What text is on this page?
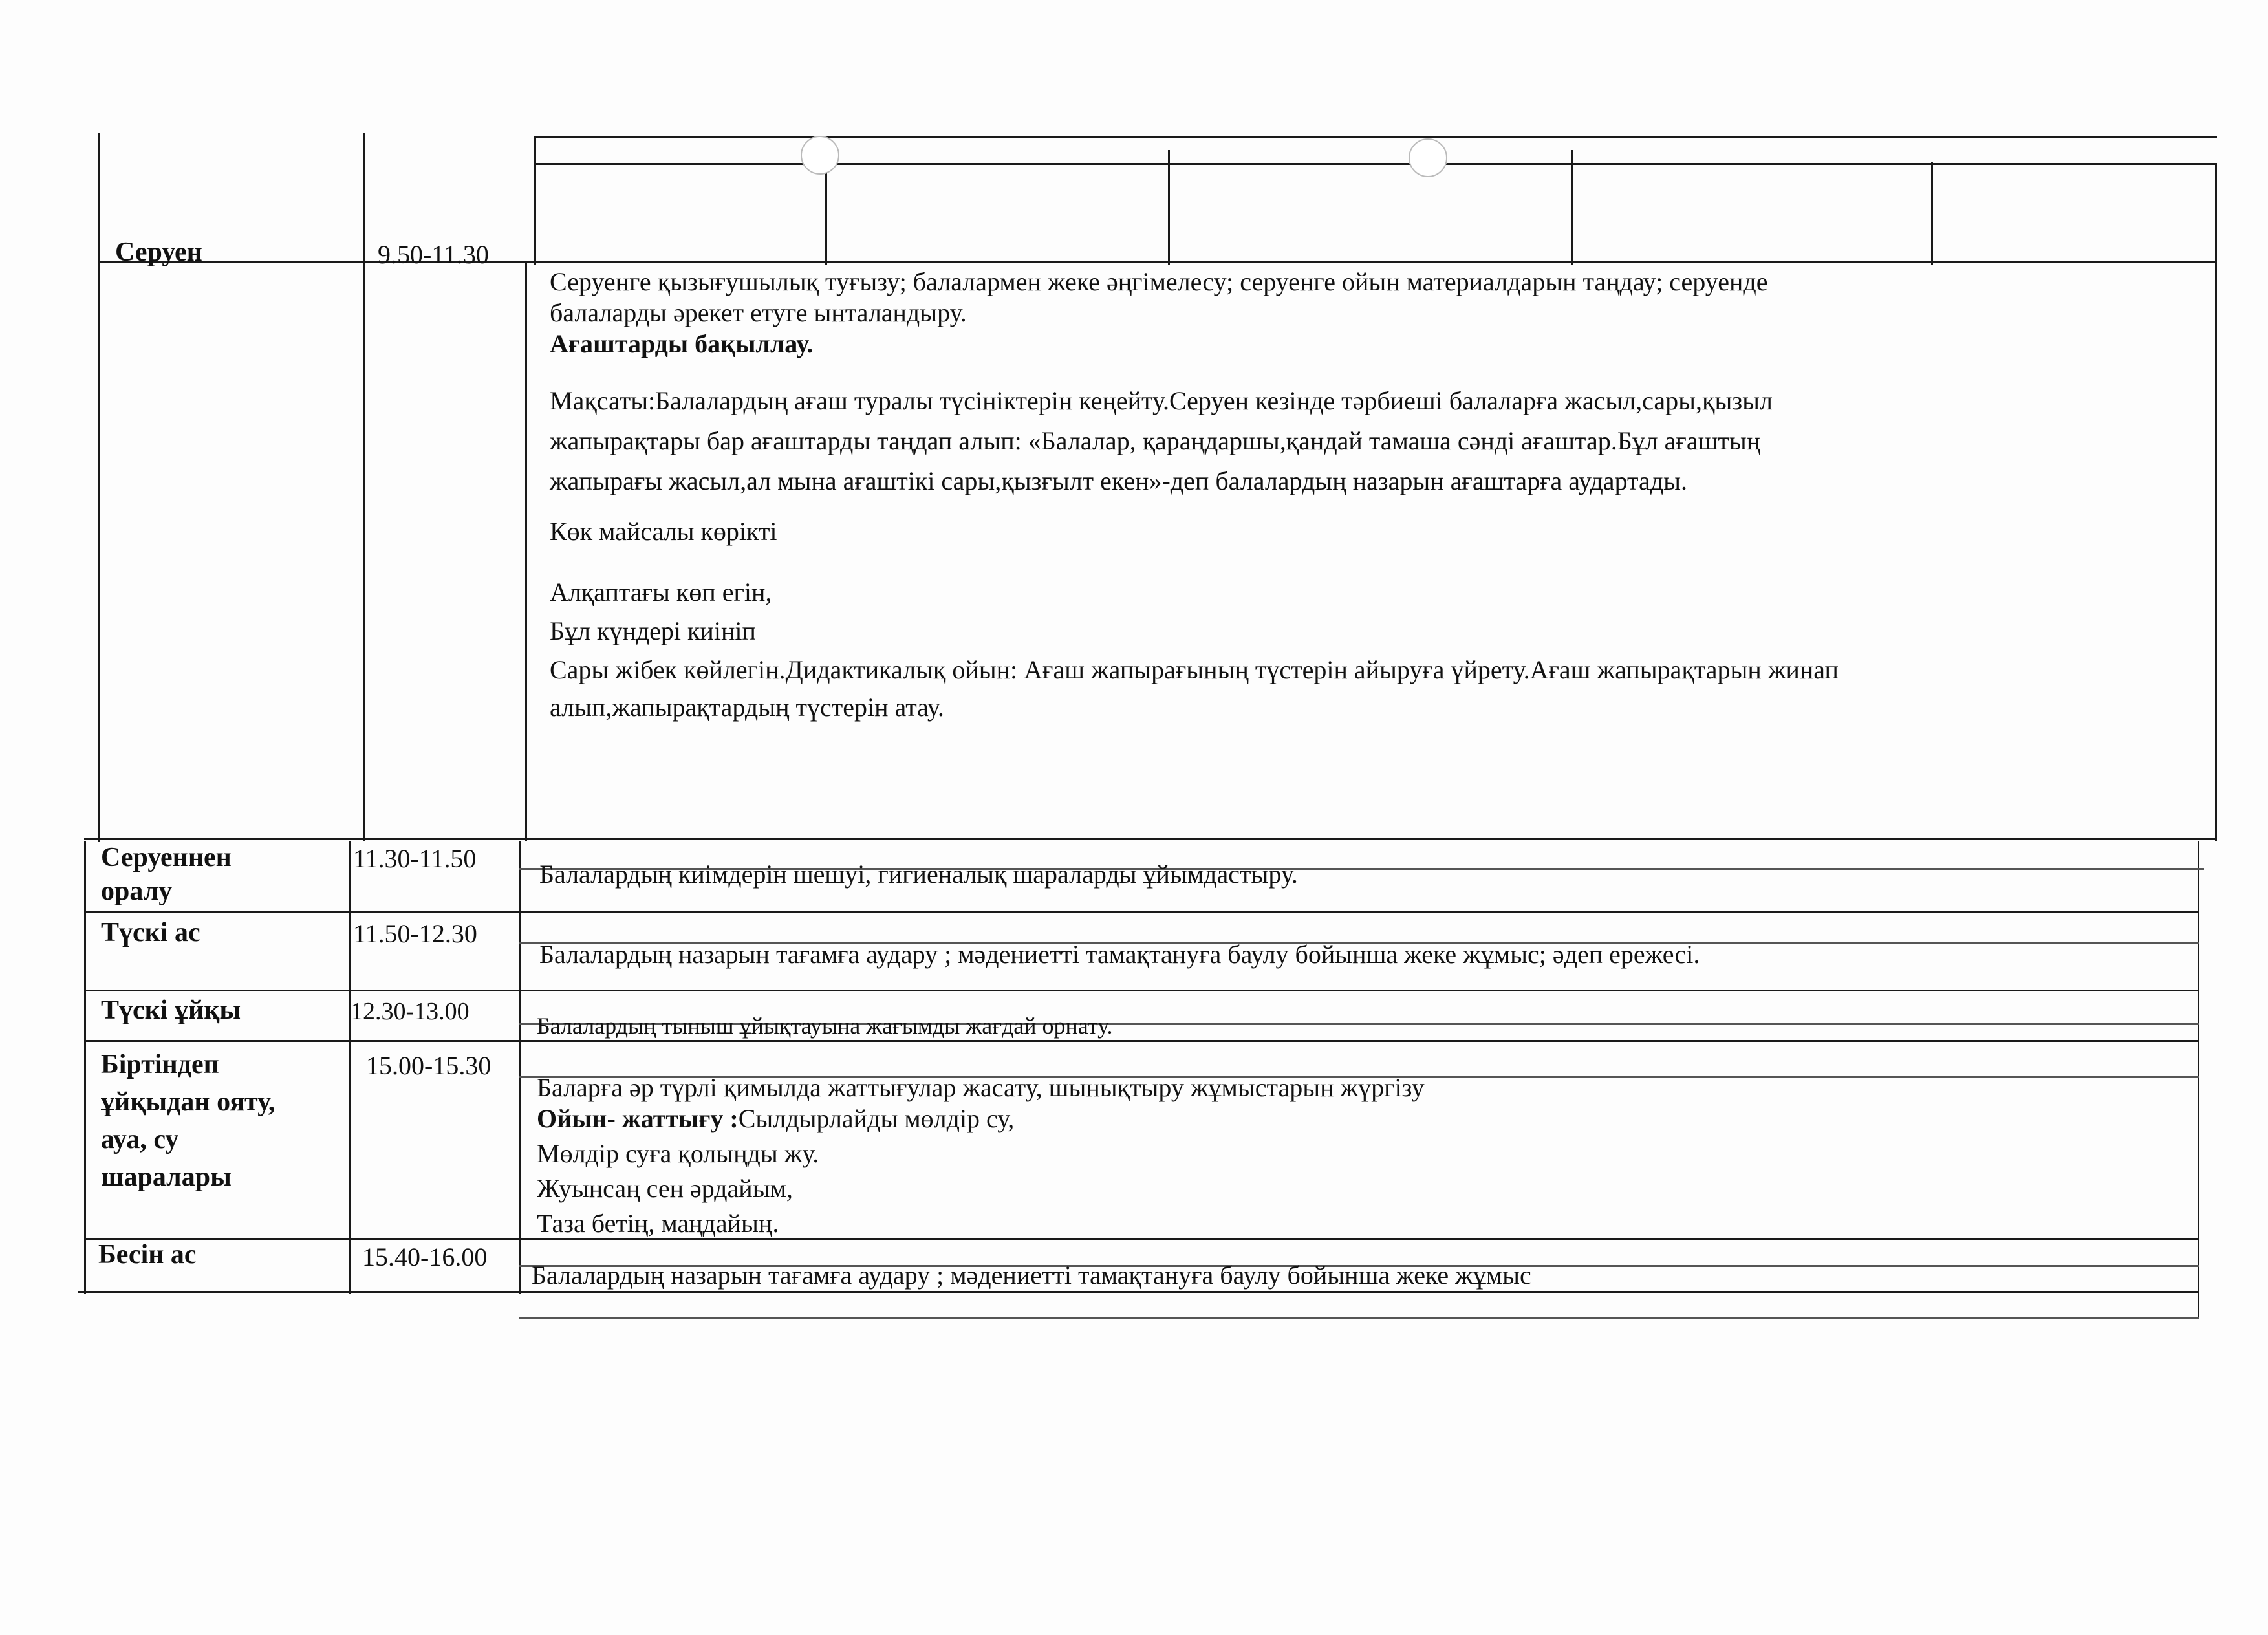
Серуен	9.50-11.30
Серуенге қызығушылық туғызу; балалармен жеке әңгімелесу; серуенге ойын материалдарын таңдау; серуенде
балаларды әрекет етуге ынталандыру.
Ағаштарды бақыллау.
Мақсаты:Балалардың ағаш туралы түсініктерін кеңейту.Серуен кезінде тәрбиеші балаларға жасыл,сары,қызыл
жапырақтары бар ағаштарды таңдап алып: «Балалар, қараңдаршы,қандай тамаша сәнді ағаштар.Бұл ағаштың
жапырағы жасыл,ал мына ағаштікі сары,қызғылт екен»-деп балалардың назарын ағаштарға аудартады.
Көк майсалы көрікті
Алқаптағы көп егін,
Бұл күндері киініп
Сары жібек көйлегін.Дидактикалық ойын: Ағаш жапырағының түстерін айыруға үйрету.Ағаш жапырақтарын жинап
алып,жапырақтардың түстерін атау.
Серуеннен
оралу
11.30-11.50
Балалардың киімдерін шешуі, гигиеналық шараларды ұйымдастыру.
Түскі ас	11.50-12.30
Балалардың назарын тағамға аудару ; мәдениетті тамақтануға баулу бойынша жеке жұмыс; әдеп ережесі.
Түскі ұйқы	12.30-13.00
Балалардың тыныш ұйықтауына жағымды жағдай орнату.
Біртіндеп
ұйқыдан ояту,
ауа, су
шаралары
15.00-15.30
Баларға әр түрлі қимылда жаттығулар жасату, шынықтыру жұмыстарын жүргізу
Ойын- жаттығу :Сылдырлайды мөлдір су,
Мөлдір суға қолыңды жу.
Жуынсаң сен әрдайым,
Таза бетің, маңдайың.
Бесін ас	15.40-16.00
Балалардың назарын тағамға аудару ; мәдениетті тамақтануға баулу бойынша жеке жұмыс
